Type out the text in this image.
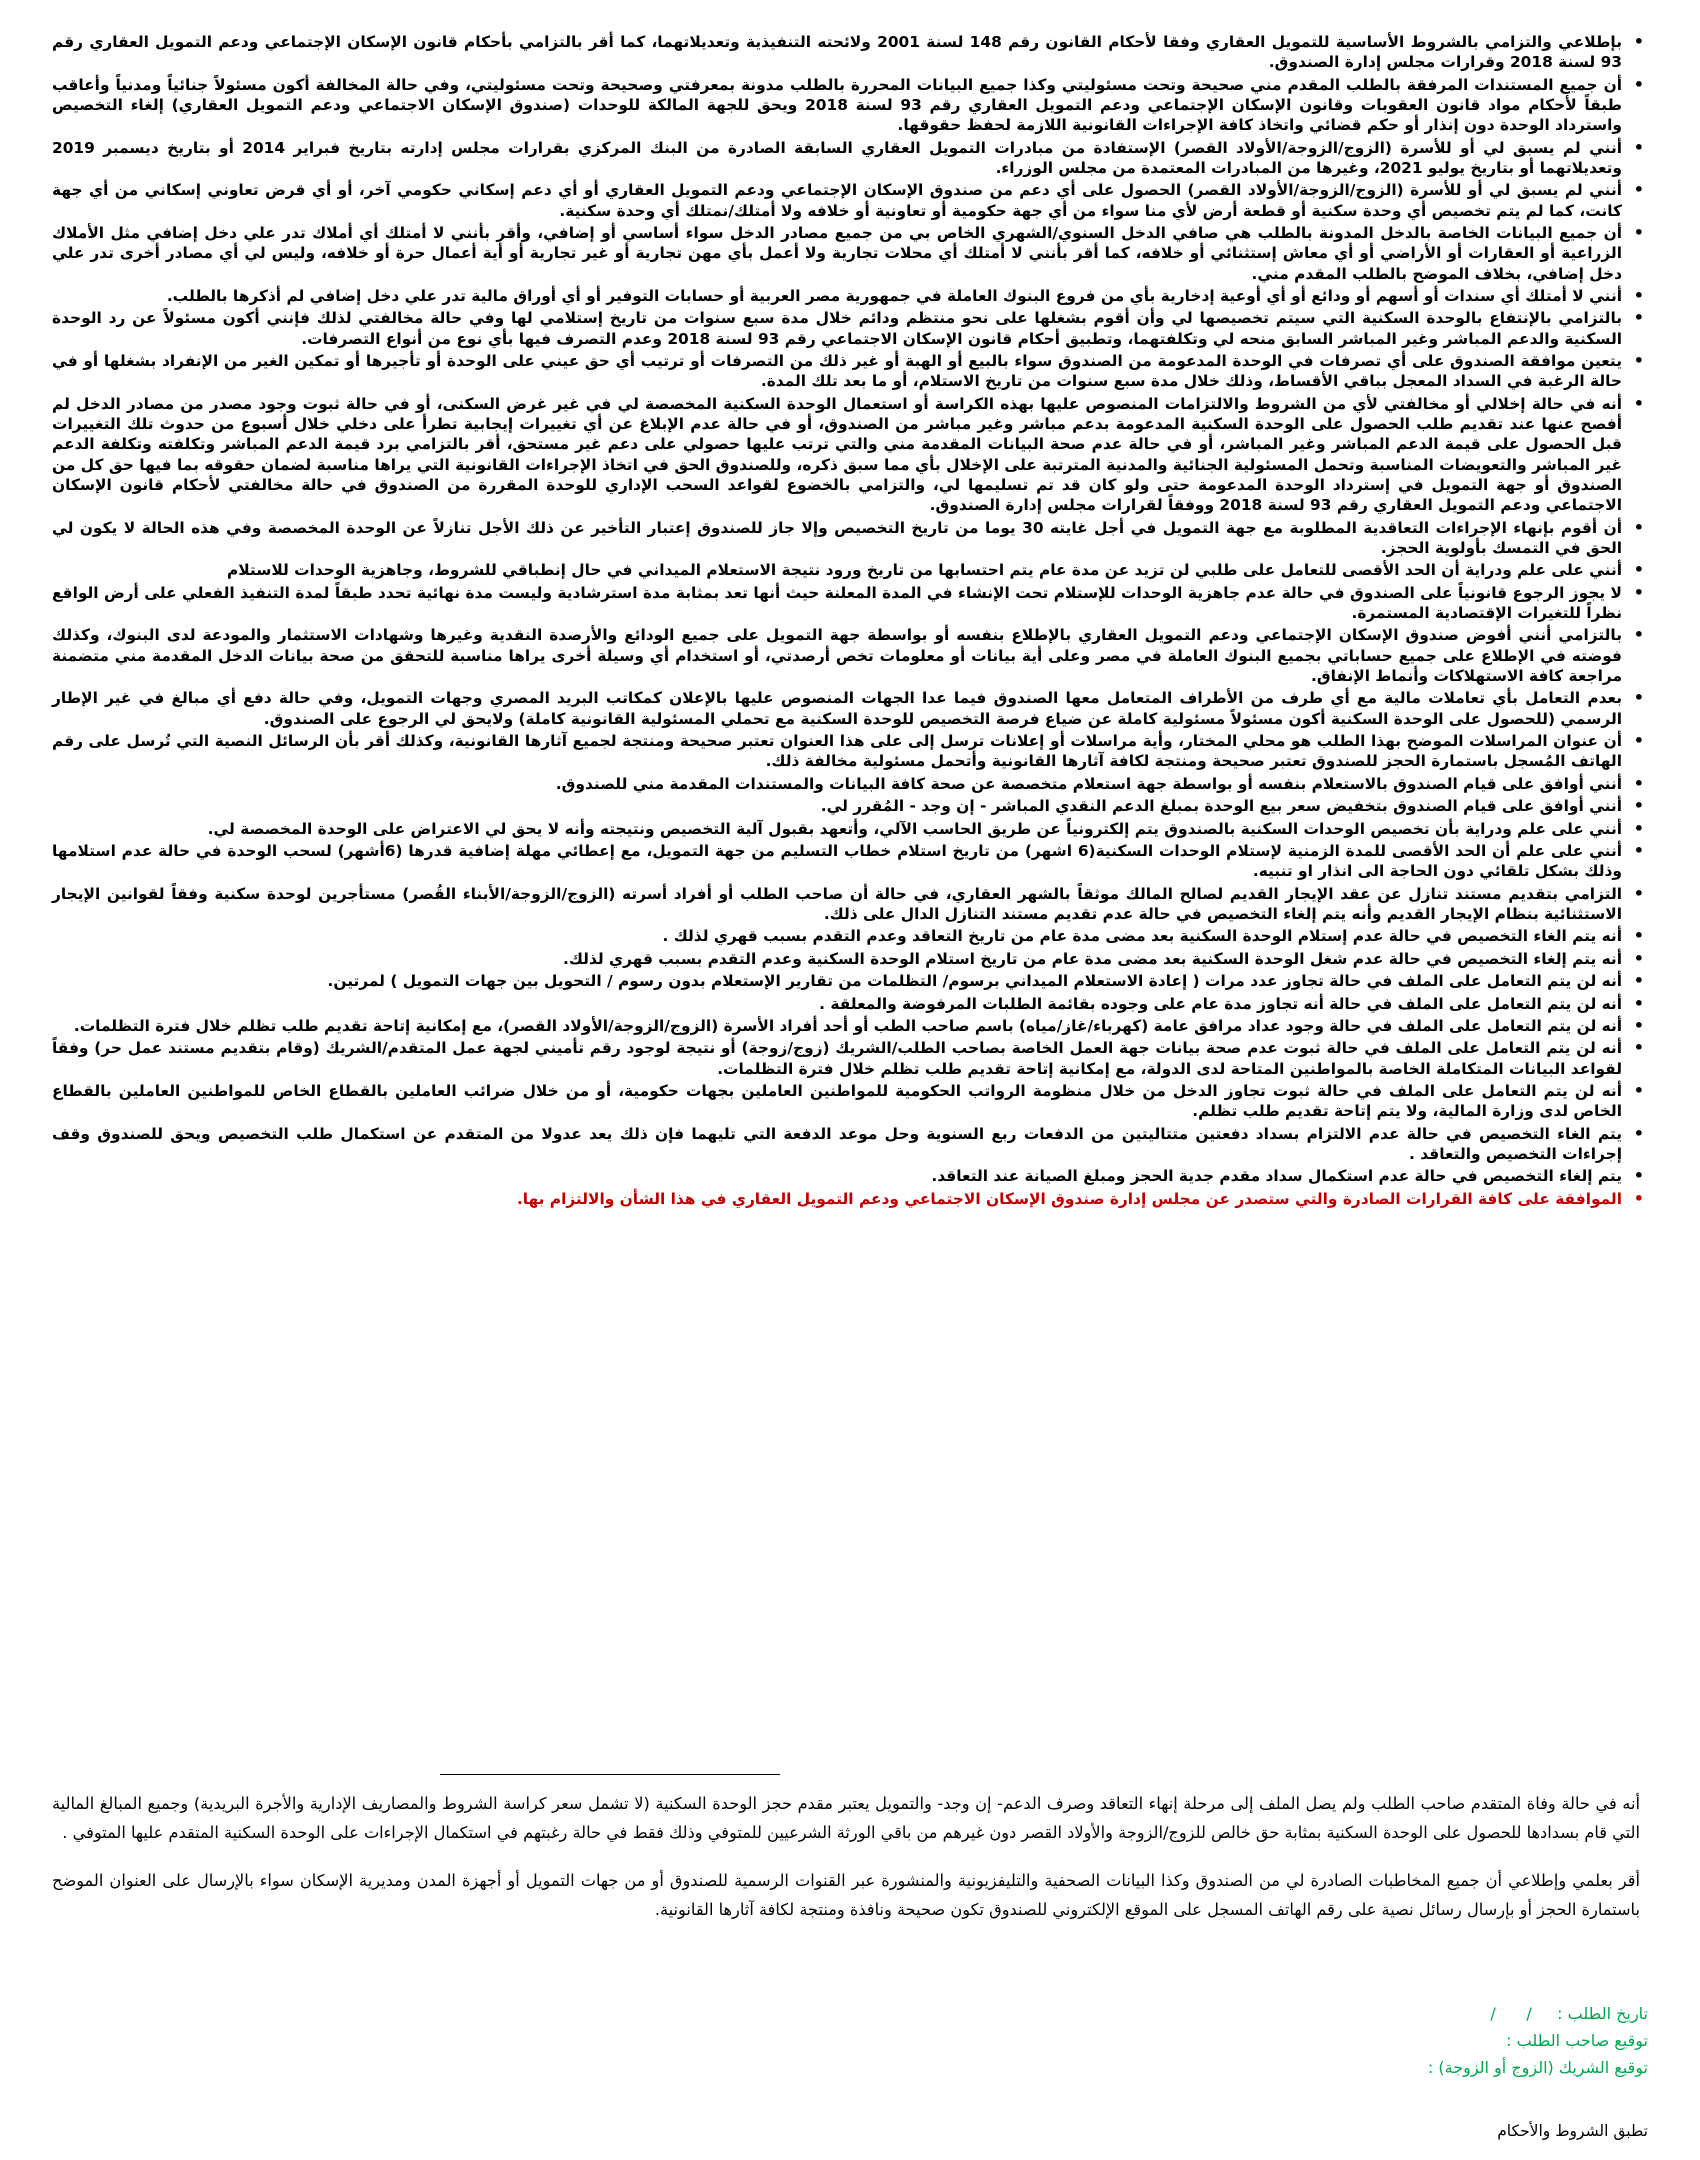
• بإطلاعي والتزامي بالشروط الأساسية للتمويل العقاري وفقا لأحكام القانون رقم 148 لسنة 2001 ولائحته التنفيذية وتعديلاتهما، كما أقر بالتزامي بأحكام قانون الإسكان الإجتماعي ودعم التمويل العقاري رقم 93 لسنة 2018 وقرارات مجلس إدارة الصندوق.
• أن جميع المستندات المرفقة بالطلب المقدم مني صحيحة وتحت مسئوليتي وكذا جميع البيانات المحررة بالطلب مدونة بمعرفتي وصحيحة وتحت مسئوليتي، وفي حالة المخالفة أكون مسئولاً جنائياً ومدنياً وأعاقب طبقاً لأحكام مواد قانون العقوبات وقانون الإسكان الإجتماعي ودعم التمويل العقاري رقم 93 لسنة 2018 ويحق للجهة المالكة للوحدات (صندوق الإسكان الاجتماعي ودعم التمويل العقاري) إلغاء التخصيص واسترداد الوحدة دون إنذار أو حكم قضائي واتخاذ كافة الإجراءات القانونية اللازمة لحفظ حقوقها.
• أنني لم يسبق لي أو للأسرة (الزوج/الزوجة/الأولاد القصر) الإستفادة من مبادرات التمويل العقاري السابقة الصادرة من البنك المركزي بقرارات مجلس إدارته بتاريخ فبراير 2014 أو بتاريخ ديسمبر 2019 وتعديلاتهما أو بتاريخ يوليو 2021، وغيرها من المبادرات المعتمدة من مجلس الوزراء.
• أنني لم يسبق لي أو للأسرة (الزوج/الزوجة/الأولاد القصر) الحصول على أي دعم من صندوق الإسكان الإجتماعي ودعم التمويل العقاري أو أي دعم إسكاني حكومي آخر، أو أي قرض تعاوني إسكاني من أي جهة كانت، كما لم يتم تخصيص أي وحدة سكنية أو قطعة أرض لأي منا سواء من أي جهة حكومية أو تعاونية أو خلافه ولا أمتلك/نمتلك أي وحدة سكنية.
• أن جميع البيانات الخاصة بالدخل المدونة بالطلب هي صافي الدخل السنوي/الشهري الخاص بي من جميع مصادر الدخل سواء أساسي أو إضافي، وأقر بأنني لا أمتلك أي أملاك تدر علي دخل إضافي مثل الأملاك الزراعية أو العقارات أو الأراضي أو أي معاش إستثنائي أو خلافه، كما أقر بأنني لا أمتلك أي محلات تجارية ولا أعمل بأي مهن تجارية أو غير تجارية أو أية أعمال حرة أو خلافه، وليس لي أي مصادر أخرى تدر علي دخل إضافي، بخلاف الموضح بالطلب المقدم مني.
• أنني لا أمتلك أي سندات أو أسهم أو ودائع أو أي أوعية إدخارية بأي من فروع البنوك العاملة في جمهورية مصر العربية أو حسابات التوفير أو أي أوراق مالية تدر علي دخل إضافي لم أذكرها بالطلب.
• بالتزامي بالإنتفاع بالوحدة السكنية التي سيتم تخصيصها لي وأن أقوم بشغلها على نحو منتظم ودائم خلال مدة سبع سنوات من تاريخ إستلامي لها وفي حالة مخالفتي لذلك فإنني أكون مسئولاً عن رد الوحدة السكنية والدعم المباشر وغير المباشر السابق منحه لي وتكلفتهما، وتطبيق أحكام قانون الإسكان الاجتماعي رقم 93 لسنة 2018 وعدم التصرف فيها بأي نوع من أنواع التصرفات.
• يتعين موافقة الصندوق على أي تصرفات في الوحدة المدعومة من الصندوق سواء بالبيع أو الهبة أو غير ذلك من التصرفات أو ترتيب أي حق عيني على الوحدة أو تأجيرها أو تمكين الغير من الإنفراد بشغلها أو في حالة الرغبة في السداد المعجل بباقي الأقساط، وذلك خلال مدة سبع سنوات من تاريخ الاستلام، أو ما بعد تلك المدة.
• أنه في حالة إخلالي أو مخالفتي لأي من الشروط والالتزامات المنصوص عليها بهذه الكراسة أو استعمال الوحدة السكنية المخصصة لي في غير غرض السكنى، أو في حالة ثبوت وجود مصدر من مصادر الدخل لم أفصح عنها عند تقديم طلب الحصول على الوحدة السكنية المدعومة بدعم مباشر وغير مباشر من الصندوق، أو في حالة عدم الإبلاغ عن أي تغييرات إيجابية تطرأ على دخلي خلال أسبوع من حدوث تلك التغييرات قبل الحصول على قيمة الدعم المباشر وغير المباشر، أو في حالة عدم صحة البيانات المقدمة مني والتي ترتب عليها حصولي على دعم غير مستحق، أقر بالتزامي برد قيمة الدعم المباشر وتكلفته وتكلفة الدعم غير المباشر والتعويضات المناسبة وتحمل المسئولية الجنائية والمدنية المترتبة على الإخلال بأي مما سبق ذكره، وللصندوق الحق في اتخاذ الإجراءات القانونية التي يراها مناسبة لضمان حقوقه بما فيها حق كل من الصندوق أو جهة التمويل في إسترداد الوحدة المدعومة حتى ولو كان قد تم تسليمها لي، والتزامي بالخضوع لقواعد السحب الإداري للوحدة المقررة من الصندوق في حالة مخالفتي لأحكام قانون الإسكان الاجتماعي ودعم التمويل العقاري رقم 93 لسنة 2018 ووفقاً لقرارات مجلس إدارة الصندوق.
• أن أقوم بإنهاء الإجراءات التعاقدية المطلوبة مع جهة التمويل في أجل غايته 30 يوما من تاريخ التخصيص وإلا جاز للصندوق إعتبار التأخير عن ذلك الأجل تنازلاً عن الوحدة المخصصة وفي هذه الحالة لا يكون لي الحق في التمسك بأولوية الحجز.
• أنني على علم ودراية أن الحد الأقصى للتعامل على طلبي لن تزيد عن مدة عام يتم احتسابها من تاريخ ورود نتيجة الاستعلام الميداني في حال إنطباقي للشروط، وجاهزية الوحدات للاستلام
• لا يجوز الرجوع قانونياً على الصندوق في حالة عدم جاهزية الوحدات للإستلام تحت الإنشاء في المدة المعلنة حيث أنها تعد بمثابة مدة استرشادية وليست مدة نهائية تحدد طبقاً لمدة التنفيذ الفعلي على أرض الواقع نظراً للتغيرات الإقتصادية المستمرة.
• بالتزامي أنني أفوض صندوق الإسكان الإجتماعي ودعم التمويل العقاري بالإطلاع بنفسه أو بواسطة جهة التمويل على جميع الودائع والأرصدة النقدية وغيرها وشهادات الاستثمار والمودعة لدى البنوك، وكذلك فوضته في الإطلاع على جميع حساباتي بجميع البنوك العاملة في مصر وعلى أية بيانات أو معلومات تخص أرصدتي، أو استخدام أي وسيلة أخرى يراها مناسبة للتحقق من صحة بيانات الدخل المقدمة مني متضمنة مراجعة كافة الاستهلاكات وأنماط الإنفاق.
• بعدم التعامل بأي تعاملات مالية مع أي طرف من الأطراف المتعامل معها الصندوق فيما عدا الجهات المنصوص عليها بالإعلان كمكاتب البريد المصري وجهات التمويل، وفي حالة دفع أي مبالغ في غير الإطار الرسمي (للحصول على الوحدة السكنية أكون مسئولاً مسئولية كاملة عن ضياع فرصة التخصيص للوحدة السكنية مع تحملي المسئولية القانونية كاملة) ولايحق لي الرجوع على الصندوق.
• أن عنوان المراسلات الموضح بهذا الطلب هو محلي المختار، وأية مراسلات أو إعلانات ترسل إلى على هذا العنوان تعتبر صحيحة ومنتجة لجميع آثارها القانونية، وكذلك أقر بأن الرسائل النصية التي تُرسل على رقم الهاتف المُسجل باستمارة الحجز للصندوق تعتبر صحيحة ومنتجة لكافة آثارها القانونية وأتحمل مسئولية مخالفة ذلك.
• أنني أوافق على قيام الصندوق بالاستعلام بنفسه أو بواسطة جهة استعلام متخصصة عن صحة كافة البيانات والمستندات المقدمة مني للصندوق.
• أنني أوافق على قيام الصندوق بتخفيض سعر بيع الوحدة بمبلغ الدعم النقدي المباشر - إن وجد - المُقرر لي.
• أنني على علم ودراية بأن تخصيص الوحدات السكنية بالصندوق يتم إلكترونياً عن طريق الحاسب الآلي، وأتعهد بقبول آلية التخصيص ونتيجته وأنه لا يحق لي الاعتراض على الوحدة المخصصة لي.
• أنني على علم أن الحد الأقصى للمدة الزمنية لإستلام الوحدات السكنية(6 اشهر) من تاريخ استلام خطاب التسليم من جهة التمويل، مع إعطائي مهلة إضافية قدرها (6أشهر) لسحب الوحدة في حالة عدم استلامها وذلك بشكل تلقائي دون الحاجة الى انذار او تنبيه.
• التزامي بتقديم مستند تنازل عن عقد الإيجار القديم لصالح المالك موثقاً بالشهر العقاري، في حالة أن صاحب الطلب أو أفراد أسرته (الزوج/الزوجة/الأبناء القُصر) مستأجرين لوحدة سكنية وفقاً لقوانين الإيجار الاستثنائية بنظام الإيجار القديم وأنه يتم إلغاء التخصيص في حالة عدم تقديم مستند التنازل الدال على ذلك.
• أنه يتم الغاء التخصيص في حالة عدم إستلام الوحدة السكنية بعد مضى مدة عام من تاريخ التعاقد وعدم التقدم بسبب قهري لذلك .
• أنه يتم إلغاء التخصيص في حالة عدم شغل الوحدة السكنية بعد مضى مدة عام من تاريخ استلام الوحدة السكنية وعدم التقدم بسبب قهري لذلك.
• أنه لن يتم التعامل على الملف في حالة تجاوز عدد مرات ( إعادة الاستعلام الميداني برسوم/ التظلمات من تقارير الإستعلام بدون رسوم / التحويل بين جهات التمويل ) لمرتين.
• أنه لن يتم التعامل على الملف في حالة أنه تجاوز مدة عام على وجوده بقائمة الطلبات المرفوضة والمعلقة .
• أنه لن يتم التعامل على الملف في حالة وجود عداد مرافق عامة (كهرباء/غاز/مياه) باسم صاحب الطب أو أحد أفراد الأسرة (الزوج/الزوجة/الأولاد القصر)، مع إمكانية إتاحة تقديم طلب تظلم خلال فترة التظلمات.
• أنه لن يتم التعامل على الملف في حالة ثبوت عدم صحة بيانات جهة العمل الخاصة بصاحب الطلب/الشريك (زوج/زوجة) أو نتيجة لوجود رقم تأميني لجهة عمل المتقدم/الشريك (وقام بتقديم مستند عمل حر) وفقاً لقواعد البيانات المتكاملة الخاصة بالمواطنين المتاحة لدى الدولة، مع إمكانية إتاحة تقديم طلب تظلم خلال فترة التظلمات.
• أنه لن يتم التعامل على الملف في حالة ثبوت تجاوز الدخل من خلال منظومة الرواتب الحكومية للمواطنين العاملين بجهات حكومية، أو من خلال ضرائب العاملين بالقطاع الخاص للمواطنين العاملين بالقطاع الخاص لدى وزارة المالية، ولا يتم إتاحة تقديم طلب تظلم.
• يتم الغاء التخصيص في حالة عدم الالتزام بسداد دفعتين متتاليتين من الدفعات ربع السنوية وحل موعد الدفعة التي تليهما فإن ذلك يعد عدولا من المتقدم عن استكمال طلب التخصيص ويحق للصندوق وقف إجراءات التخصيص والتعاقد .
• يتم إلغاء التخصيص في حالة عدم استكمال سداد مقدم جدية الحجز ومبلغ الصيانة عند التعاقد.
• الموافقة على كافة القرارات الصادرة والتي ستصدر عن مجلس إدارة صندوق الإسكان الاجتماعي ودعم التمويل العقاري في هذا الشأن والالتزام بها.

أنه في حالة وفاة المتقدم صاحب الطلب ولم يصل الملف إلى مرحلة إنهاء التعاقد وصرف الدعم- إن وجد- والتمويل يعتبر مقدم حجز الوحدة السكنية (لا تشمل سعر كراسة الشروط والمصاريف الإدارية والأجرة البريدية) وجميع المبالغ المالية التي قام بسدادها للحصول على الوحدة السكنية بمثابة حق خالص للزوج/الزوجة والأولاد القصر دون غيرهم من باقي الورثة الشرعيين للمتوفي وذلك فقط في حالة رغبتهم في استكمال الإجراءات على الوحدة السكنية المتقدم عليها المتوفي .

أقر بعلمي وإطلاعي أن جميع المخاطبات الصادرة لي من الصندوق وكذا البيانات الصحفية والتليفزيونية والمنشورة عبر القنوات الرسمية للصندوق أو من جهات التمويل أو أجهزة المدن ومديرية الإسكان سواء بالإرسال على العنوان الموضح باستمارة الحجز أو بإرسال رسائل نصية على رقم الهاتف المسجل على الموقع الإلكتروني للصندوق تكون صحيحة ونافذة ومنتجة لكافة آثارها القانونية.

تاريخ الطلب :     /      /
توقيع صاحب الطلب :
توقيع الشريك (الزوج أو الزوجة) :
تطبق الشروط والأحكام
